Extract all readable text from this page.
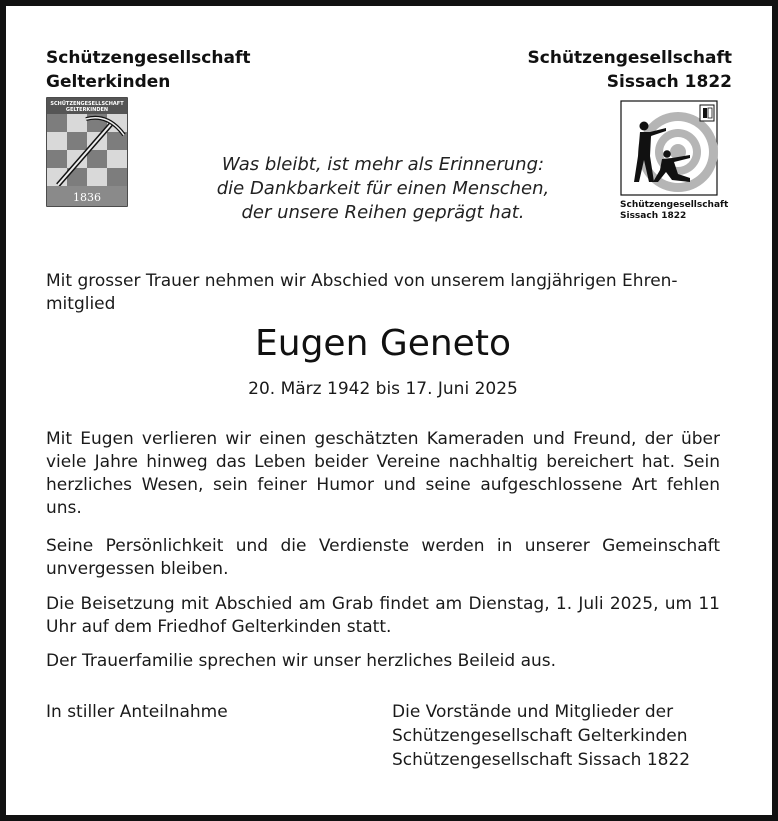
Schützengesellschaft
Gelterkinden
Schützengesellschaft
Sissach 1822
SCHÜTZENGESELLSCHAFT
GELTERKINDEN
1836
Schützengesellschaft
Sissach 1822
Was bleibt, ist mehr als Erinnerung:
die Dankbarkeit für einen Menschen,
der unsere Reihen geprägt hat.
Mit grosser Trauer nehmen wir Abschied von unserem langjährigen Ehren-mitglied
Eugen Geneto
20. März 1942 bis 17. Juni 2025
Mit Eugen verlieren wir einen geschätzten Kameraden und Freund, der über viele Jahre hinweg das Leben beider Vereine nachhaltig bereichert hat. Sein herzliches Wesen, sein feiner Humor und seine aufgeschlossene Art fehlen uns.
Seine Persönlichkeit und die Verdienste werden in unserer Gemeinschaft unvergessen bleiben.
Die Beisetzung mit Abschied am Grab findet am Dienstag, 1. Juli 2025, um 11 Uhr auf dem Friedhof Gelterkinden statt.
Der Trauerfamilie sprechen wir unser herzliches Beileid aus.
In stiller Anteilnahme	Die Vorstände und Mitglieder der
Schützengesellschaft Gelterkinden
Schützengesellschaft Sissach 1822
